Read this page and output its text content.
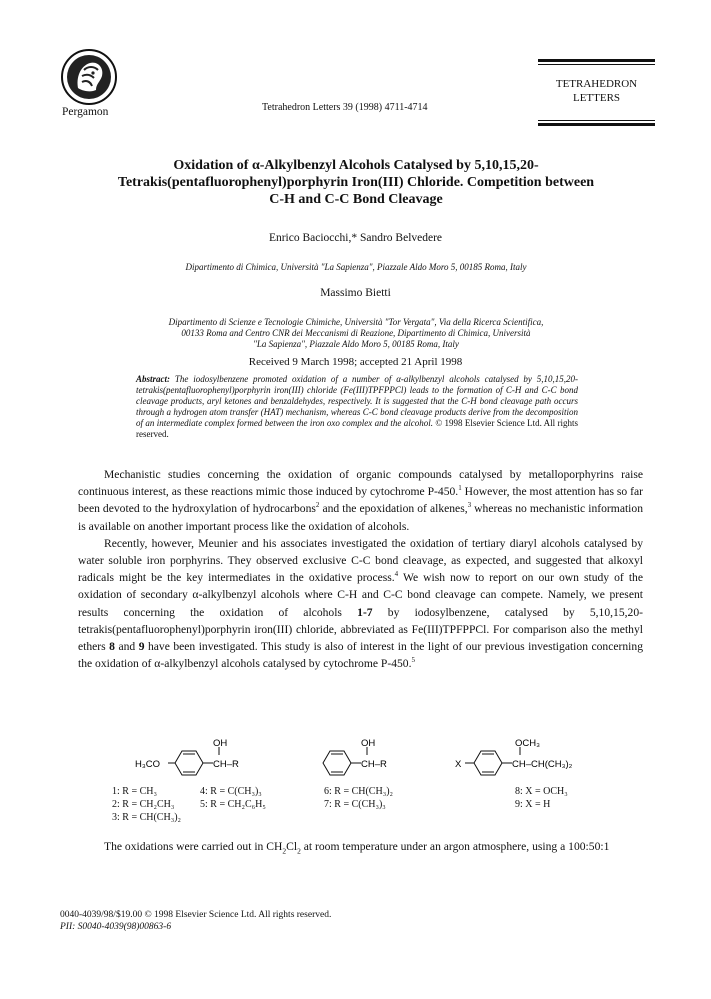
Pergamon	Tetrahedron Letters 39 (1998) 4711-4714
TETRAHEDRON
LETTERS
Oxidation of α-Alkylbenzyl Alcohols Catalysed by 5,10,15,20-
Tetrakis(pentafluorophenyl)porphyrin Iron(III) Chloride. Competition between
C-H and C-C Bond Cleavage
Enrico Baciocchi,* Sandro Belvedere
Dipartimento di Chimica, Università "La Sapienza", Piazzale Aldo Moro 5, 00185 Roma, Italy
Massimo Bietti
Dipartimento di Scienze e Tecnologie Chimiche, Università "Tor Vergata", Via della Ricerca Scientifica,
00133 Roma and Centro CNR dei Meccanismi di Reazione, Dipartimento di Chimica, Università
"La Sapienza", Piazzale Aldo Moro 5, 00185 Roma, Italy
Received 9 March 1998; accepted 21 April 1998
Abstract: The iodosylbenzene promoted oxidation of a number of α-alkylbenzyl alcohols catalysed by 5,10,15,20-tetrakis(pentafluorophenyl)porphyrin iron(III) chloride (Fe(III)TPFPPCl) leads to the formation of C-H and C-C bond cleavage products, aryl ketones and benzaldehydes, respectively. It is suggested that the C-H bond cleavage path occurs through a hydrogen atom transfer (HAT) mechanism, whereas C-C bond cleavage products derive from the decomposition of an intermediate complex formed between the iron oxo complex and the alcohol. © 1998 Elsevier Science Ltd. All rights reserved.

Mechanistic studies concerning the oxidation of organic compounds catalysed by metalloporphyrins raise continuous interest, as these reactions mimic those induced by cytochrome P-450.$^1$ However, the most attention has so far been devoted to the hydroxylation of hydrocarbons$^2$ and the epoxidation of alkenes,$^3$ whereas no mechanistic information is available on another important process like the oxidation of alcohols.

Recently, however, Meunier and his associates investigated the oxidation of tertiary diaryl alcohols catalysed by water soluble iron porphyrins. They observed exclusive C-C bond cleavage, as expected, and suggested that alkoxyl radicals might be the key intermediates in the oxidative process.$^4$ We wish now to report on our own study of the oxidation of secondary α-alkylbenzyl alcohols where C-H and C-C bond cleavage can compete. Namely, we present results concerning the oxidation of alcohols 1-7 by iodosylbenzene, catalysed by 5,10,15,20-tetrakis(pentafluorophenyl)porphyrin iron(III) chloride, abbreviated as Fe(III)TPFPPCl. For comparison also the methyl ethers 8 and 9 have been investigated. This study is also of interest in the light of our previous investigation concerning the oxidation of α-alkylbenzyl alcohols catalysed by cytochrome P-450.$^5$

H₃CO
OH
CH–R
OH
CH–R	X
OCH₃
CH–CH(CH₃)₂
1: R = CH₃
2: R = CH₂CH₃
3: R = CH(CH₃)₂
4: R = C(CH₃)₃
5: R = CH₂C₆H₅
6: R = CH(CH₃)₂
7: R = C(CH₃)₃
8: X = OCH₃
9: X = H

The oxidations were carried out in $CH_2Cl_2$ at room temperature under an argon atmosphere, using a 100:50:1

0040-4039/98/$19.00 © 1998 Elsevier Science Ltd. All rights reserved.
PII: S0040-4039(98)00863-6
